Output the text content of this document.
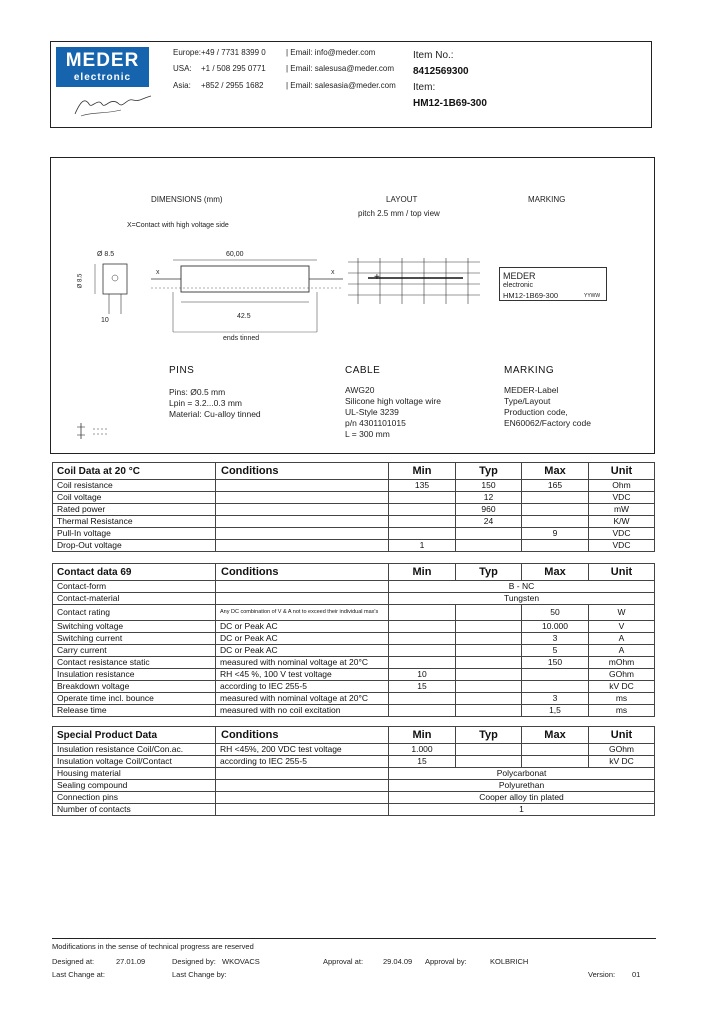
MEDER
electronic
Europe: +49 / 7731 8399 0	| Email: info@meder.com
USA: +1 / 508 295 0771	| Email: salesusa@meder.com
Asia: +852 / 2955 1682	| Email: salesasia@meder.com
Item No.:
8412569300
Item:
HM12-1B69-300
DIMENSIONS (mm)	LAYOUT
pitch 2.5 mm / top view
MARKING
X=Contact with high voltage side
x	x
60,00
42.5
Ø 8.5
Ø 8.5
10
ends tinned
+	MEDER
electronic
HM12-1B69-300	YYWW
PINS
Pins: Ø0.5 mm
Lpin = 3.2...0.3 mm
Material: Cu-alloy tinned
CABLE
AWG20
Silicone high voltage wire
UL-Style 3239
p/n 4301101015
L = 300 mm
MARKING
MEDER-Label
Type/Layout
Production code,
EN60062/Factory code
Coil Data at 20 °C	Conditions	Min	Typ	Max	Unit
Coil resistance		135	150	165	Ohm
Coil voltage			12		VDC
Rated power			960		mW
Thermal Resistance			24		K/W
Pull-In voltage				9	VDC
Drop-Out voltage		1			VDC
Contact data 69	Conditions	Min	Typ	Max	Unit
Contact-form		B - NC			
Contact-material		Tungsten			
Contact rating	Any DC combination of V & A not to exceed their individual max's			50	W
Switching voltage	DC or Peak AC			10.000	V
Switching current	DC or Peak AC			3	A
Carry current	DC or Peak AC			5	A
Contact resistance static	measured with nominal voltage at 20°C			150	mOhm
Insulation resistance	RH <45 %, 100 V test voltage	10			GOhm
Breakdown voltage	according to IEC 255-5	15			kV DC
Operate time incl. bounce	measured with nominal voltage at 20°C			3	ms
Release time	measured with no coil excitation			1,5	ms
Special Product Data	Conditions	Min	Typ	Max	Unit
Insulation resistance Coil/Con.ac.	RH <45%, 200 VDC test voltage	1.000			GOhm
Insulation voltage Coil/Contact	according to IEC 255-5	15			kV DC
Housing material		Polycarbonat			
Sealing compound		Polyurethan			
Connection pins		Cooper alloy tin plated			
Number of contacts		1			
Modifications in the sense of technical progress are reserved
Designed at:	27.01.09	Designed by: WKOVACS	Approval at:	29.04.09 Approval by:	KOLBRICH
Last Change at:	Last Change by:	Version: 01
